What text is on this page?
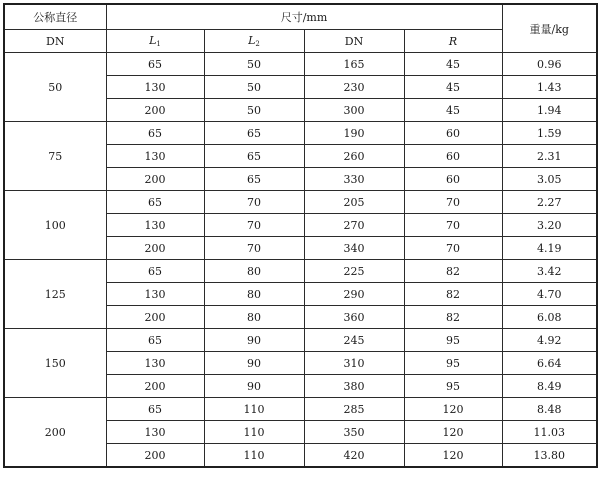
公称直径	尺寸/mm				重量/kg
DN	$L_1$	$L_2$	DN	R	
50	65	50	165	45	0.96
	130	50	230	45	1.43
	200	50	300	45	1.94
75	65	65	190	60	1.59
	130	65	260	60	2.31
	200	65	330	60	3.05
100	65	70	205	70	2.27
	130	70	270	70	3.20
	200	70	340	70	4.19
125	65	80	225	82	3.42
	130	80	290	82	4.70
	200	80	360	82	6.08
150	65	90	245	95	4.92
	130	90	310	95	6.64
	200	90	380	95	8.49
200	65	110	285	120	8.48
	130	110	350	120	11.03
	200	110	420	120	13.80
